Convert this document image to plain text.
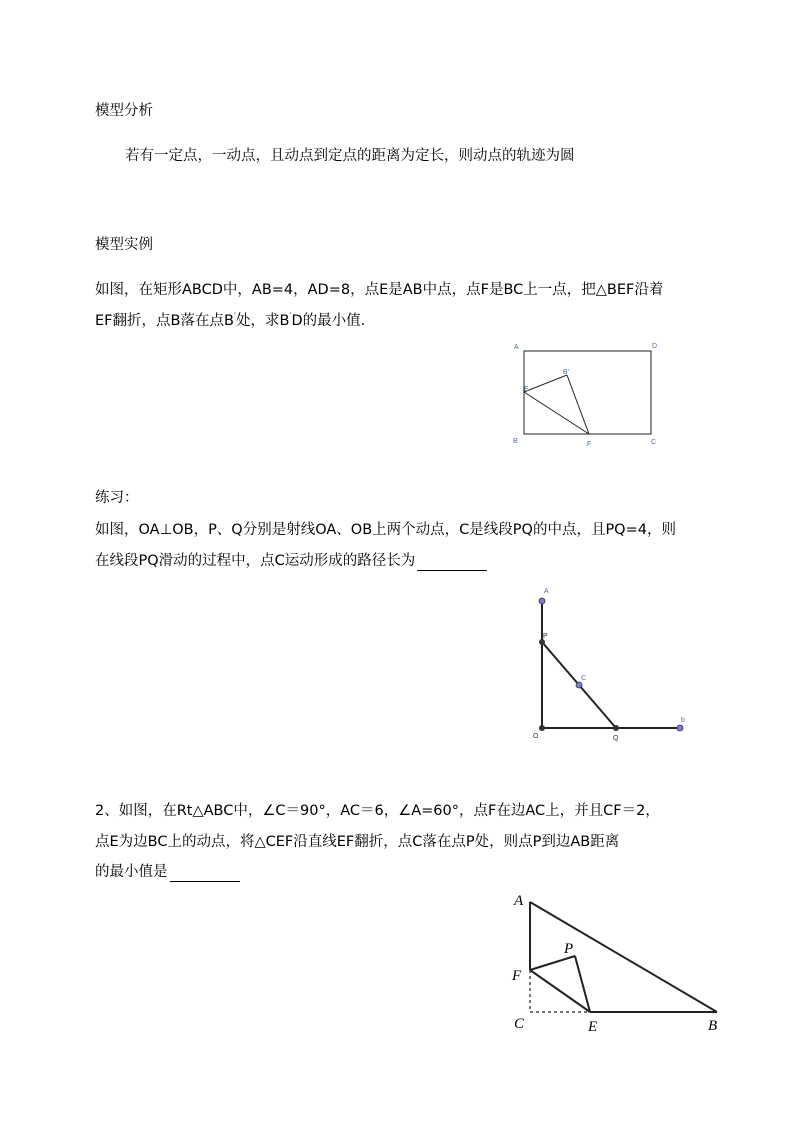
模型分析
若有一定点，一动点，且动点到定点的距离为定长，则动点的轨迹为圆
模型实例
如图，在矩形ABCD中，AB=4，AD=8，点E是AB中点，点F是BC上一点，把△BEF沿着
EF翻折，点B落在点B′处，求B′D的最小值.
A	D
B'
E
B	F	C
练习：
如图，OA⊥OB，P、Q分别是射线OA、OB上两个动点，C是线段PQ的中点，且PQ=4，则
在线段PQ滑动的过程中，点C运动形成的路径长为
A
P
C
O	Q
b
2、如图，在Rt△ABC中，∠C＝90°，AC＝6，∠A=60°，点F在边AC上，并且CF＝2，
点E为边BC上的动点，将△CEF沿直线EF翻折，点C落在点P处，则点P到边AB距离
的最小值是
A
P
F
C	E	B
